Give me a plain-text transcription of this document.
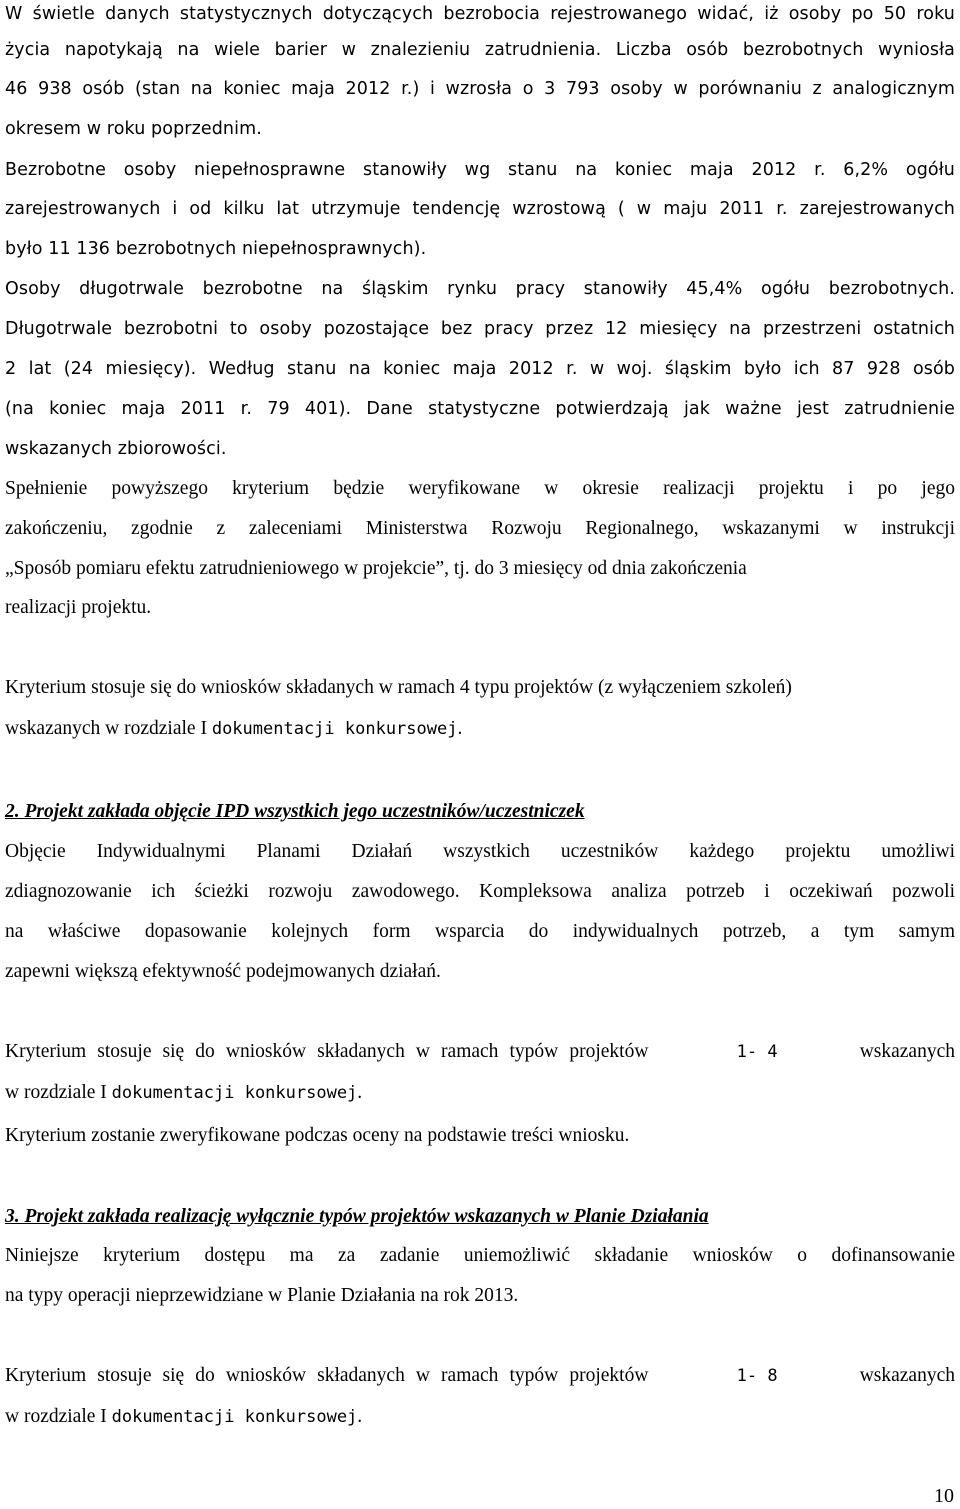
W świetle danych statystycznych dotyczących bezrobocia rejestrowanego widać, iż osoby po 50 roku
życia napotykają na wiele barier w znalezieniu zatrudnienia. Liczba osób bezrobotnych wyniosła
46 938 osób (stan na koniec maja 2012 r.) i wzrosła o 3 793 osoby w porównaniu z analogicznym
okresem w roku poprzednim.
Bezrobotne osoby niepełnosprawne stanowiły wg stanu na koniec maja 2012 r. 6,2% ogółu
zarejestrowanych i od kilku lat utrzymuje tendencję wzrostową ( w maju 2011 r. zarejestrowanych
było 11 136 bezrobotnych niepełnosprawnych).
Osoby długotrwale bezrobotne na śląskim rynku pracy stanowiły 45,4% ogółu bezrobotnych.
Długotrwale bezrobotni to osoby pozostające bez pracy przez 12 miesięcy na przestrzeni ostatnich
2 lat (24 miesięcy). Według stanu na koniec maja 2012 r. w woj. śląskim było ich 87 928 osób
(na koniec maja 2011 r. 79 401). Dane statystyczne potwierdzają jak ważne jest zatrudnienie
wskazanych zbiorowości.
Spełnienie powyższego kryterium będzie weryfikowane w okresie realizacji projektu i po jego
zakończeniu, zgodnie z zaleceniami Ministerstwa Rozwoju Regionalnego, wskazanymi w instrukcji
„Sposób pomiaru efektu zatrudnieniowego w projekcie”, tj. do 3 miesięcy od dnia zakończenia
realizacji projektu.
Kryterium stosuje się do wniosków składanych w ramach 4 typu projektów (z wyłączeniem szkoleń)
wskazanych w rozdziale I dokumentacji konkursowej.
2. Projekt zakłada objęcie IPD wszystkich jego uczestników/uczestniczek
Objęcie Indywidualnymi Planami Działań wszystkich uczestników każdego projektu umożliwi
zdiagnozowanie ich ścieżki rozwoju zawodowego. Kompleksowa analiza potrzeb i oczekiwań pozwoli
na właściwe dopasowanie kolejnych form wsparcia do indywidualnych potrzeb, a tym samym
zapewni większą efektywność podejmowanych działań.
Kryterium stosuje się do wniosków składanych w ramach typów projektów	1- 4	wskazanych
w rozdziale I dokumentacji konkursowej.
Kryterium zostanie zweryfikowane podczas oceny na podstawie treści wniosku.
3. Projekt zakłada realizację wyłącznie typów projektów wskazanych w Planie Działania
Niniejsze kryterium dostępu ma za zadanie uniemożliwić składanie wniosków o dofinansowanie
na typy operacji nieprzewidziane w Planie Działania na rok 2013.
Kryterium stosuje się do wniosków składanych w ramach typów projektów	1- 8	wskazanych
w rozdziale I dokumentacji konkursowej.
10
